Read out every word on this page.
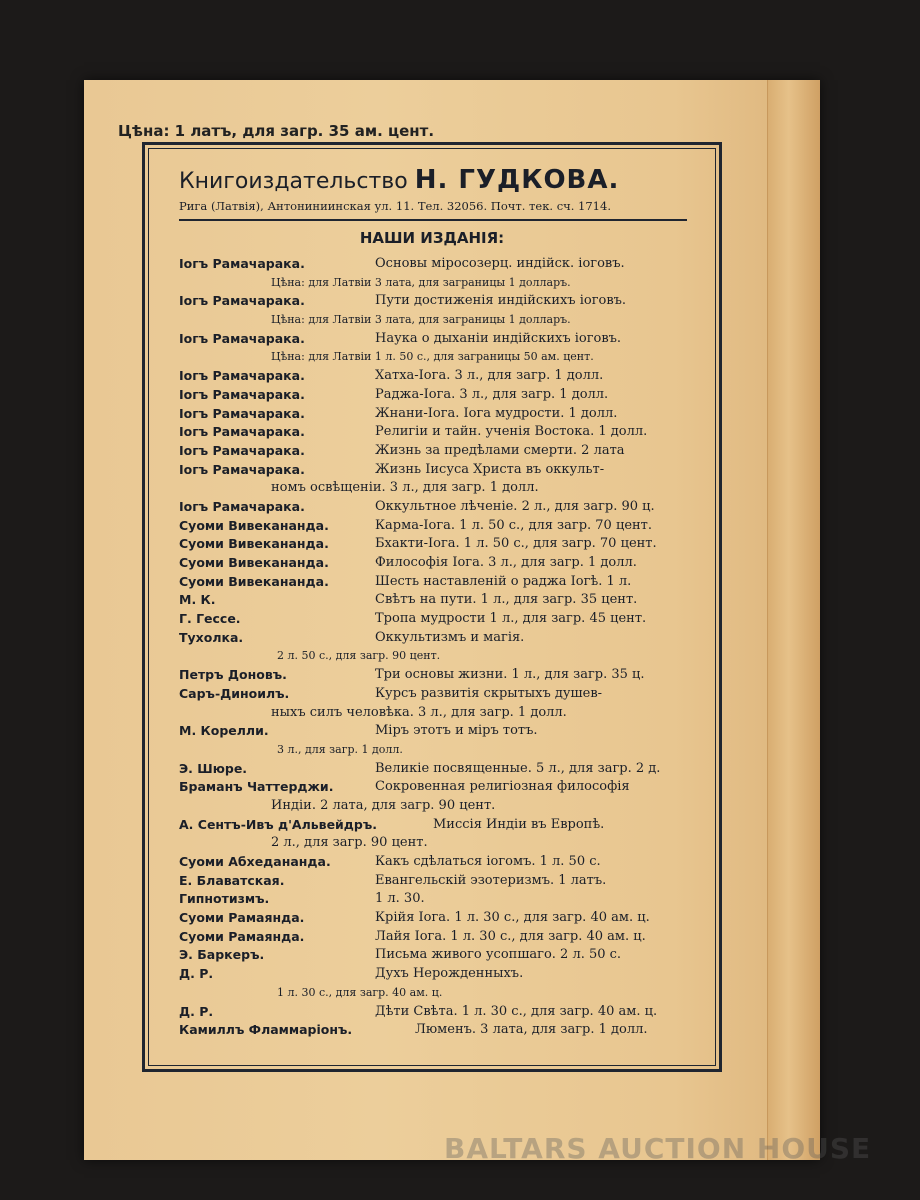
Цѣна: 1 латъ, для загр. 35 ам. цент.
Книгоиздательство Н. ГУДКОВА.
Рига (Латвія), Антониниинская ул. 11. Тел. 32056. Почт. тек. сч. 1714.
НАШИ ИЗДАНІЯ:
Іогъ Рамачарака.	Основы міросозерц. индійск. іоговъ.
Цѣна: для Латвіи 3 лата, для заграницы 1 долларъ.
Іогъ Рамачарака.	Пути достиженія индійскихъ іоговъ.
Цѣна: для Латвіи 3 лата, для заграницы 1 долларъ.
Іогъ Рамачарака.	Наука о дыханіи индійскихъ іоговъ.
Цѣна: для Латвіи 1 л. 50 с., для заграницы 50 ам. цент.
Іогъ Рамачарака.	Хатха-Іога. 3 л., для загр. 1 долл.
Іогъ Рамачарака.	Раджа-Іога. 3 л., для загр. 1 долл.
Іогъ Рамачарака.	Жнани-Іога. Іога мудрости. 1 долл.
Іогъ Рамачарака.	Религіи и тайн. ученія Востока. 1 долл.
Іогъ Рамачарака.	Жизнь за предѣлами смерти. 2 лата
Іогъ Рамачарака.	Жизнь Іисуса Христа въ оккульт-
номъ освѣщеніи. 3 л., для загр. 1 долл.
Іогъ Рамачарака.	Оккультное лѣченіе. 2 л., для загр. 90 ц.
Суоми Вивекананда.	Карма-Іога. 1 л. 50 с., для загр. 70 цент.
Суоми Вивекананда.	Бхакти-Іога. 1 л. 50 с., для загр. 70 цент.
Суоми Вивекананда.	Философія Іога. 3 л., для загр. 1 долл.
Суоми Вивекананда.	Шесть наставленій о раджа Іогѣ. 1 л.
М. К.	Свѣтъ на пути. 1 л., для загр. 35 цент.
Г. Гессе.	Тропа мудрости 1 л., для загр. 45 цент.
Тухолка.	Оккультизмъ и магія.
2 л. 50 с., для загр. 90 цент.
Петръ Доновъ.	Три основы жизни. 1 л., для загр. 35 ц.
Саръ-Диноилъ.	Курсъ развитія скрытыхъ душев-
ныхъ силъ человѣка. 3 л., для загр. 1 долл.
М. Корелли.	Міръ этотъ и міръ тотъ.
3 л., для загр. 1 долл.
Э. Шюре.	Великіе посвященные. 5 л., для загр. 2 д.
Браманъ Чаттерджи.	Сокровенная религіозная философія
Индіи. 2 лата, для загр. 90 цент.
А. Сентъ-Ивъ д'Альвейдръ.	Миссія Индіи въ Европѣ.
2 л., для загр. 90 цент.
Суоми Абхедананда.	Какъ сдѣлаться іогомъ. 1 л. 50 с.
Е. Блаватская.	Евангельскій эзотеризмъ. 1 латъ.
Гипнотизмъ.	1 л. 30.
Суоми Рамаянда.	Крійя Іога. 1 л. 30 с., для загр. 40 ам. ц.
Суоми Рамаянда.	Лайя Іога. 1 л. 30 с., для загр. 40 ам. ц.
Э. Баркеръ.	Письма живого усопшаго. 2 л. 50 с.
Д. Р.	Духъ Нерожденныхъ.
1 л. 30 с., для загр. 40 ам. ц.
Д. Р.	Дѣти Свѣта. 1 л. 30 с., для загр. 40 ам. ц.
Камиллъ Фламмаріонъ.	Люменъ. 3 лата, для загр. 1 долл.
BALTARS AUCTION HOUSE
